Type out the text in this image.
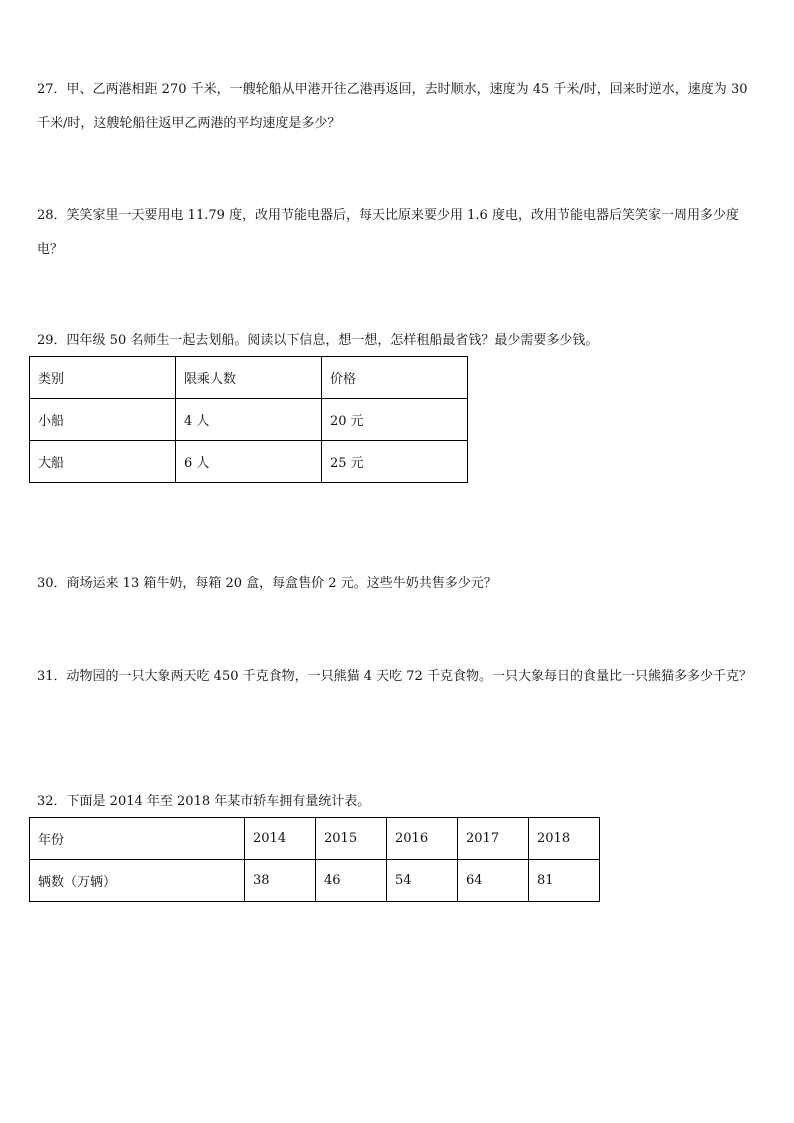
27．甲、乙两港相距 270 千米，一艘轮船从甲港开往乙港再返回，去时顺水，速度为 45 千米/时，回来时逆水，速度为 30 千米/时，这艘轮船往返甲乙两港的平均速度是多少？

28．笑笑家里一天要用电 11.79 度，改用节能电器后，每天比原来要少用 1.6 度电，改用节能电器后笑笑家一周用多少度电？

29．四年级 50 名师生一起去划船。阅读以下信息，想一想，怎样租船最省钱？最少需要多少钱。

类别	限乘人数	价格
小船	4 人	20 元
大船	6 人	25 元

30．商场运来 13 箱牛奶，每箱 20 盒，每盒售价 2 元。这些牛奶共售多少元？

31．动物园的一只大象两天吃 450 千克食物，一只熊猫 4 天吃 72 千克食物。一只大象每日的食量比一只熊猫多多少千克？

32．下面是 2014 年至 2018 年某市轿车拥有量统计表。

年份	2014	2015	2016	2017	2018
辆数（万辆）	38	46	54	64	81
